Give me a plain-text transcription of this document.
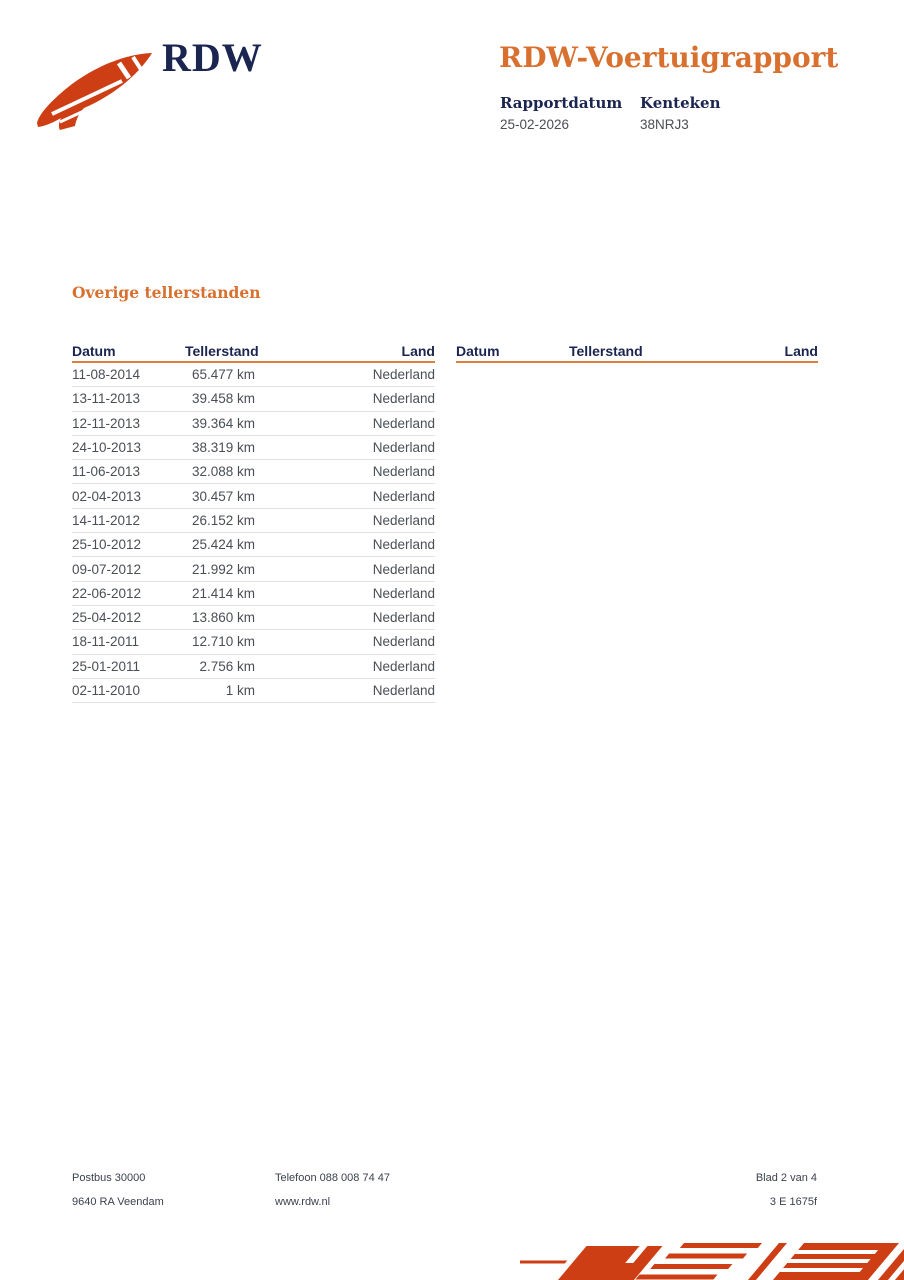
RDW	RDW-Voertuigrapport
Rapportdatum
25-02-2026
Kenteken
38NRJ3
Overige tellerstanden
Datum	Tellerstand	Land
11-08-2014	65.477 km	Nederland
13-11-2013	39.458 km	Nederland
12-11-2013	39.364 km	Nederland
24-10-2013	38.319 km	Nederland
11-06-2013	32.088 km	Nederland
02-04-2013	30.457 km	Nederland
14-11-2012	26.152 km	Nederland
25-10-2012	25.424 km	Nederland
09-07-2012	21.992 km	Nederland
22-06-2012	21.414 km	Nederland
25-04-2012	13.860 km	Nederland
18-11-2011	12.710 km	Nederland
25-01-2011	2.756 km	Nederland
02-11-2010	1 km	Nederland
Datum	Tellerstand	Land
Postbus 30000
9640 RA Veendam
Telefoon 088 008 74 47
www.rdw.nl
Blad 2 van 4
3 E 1675f
